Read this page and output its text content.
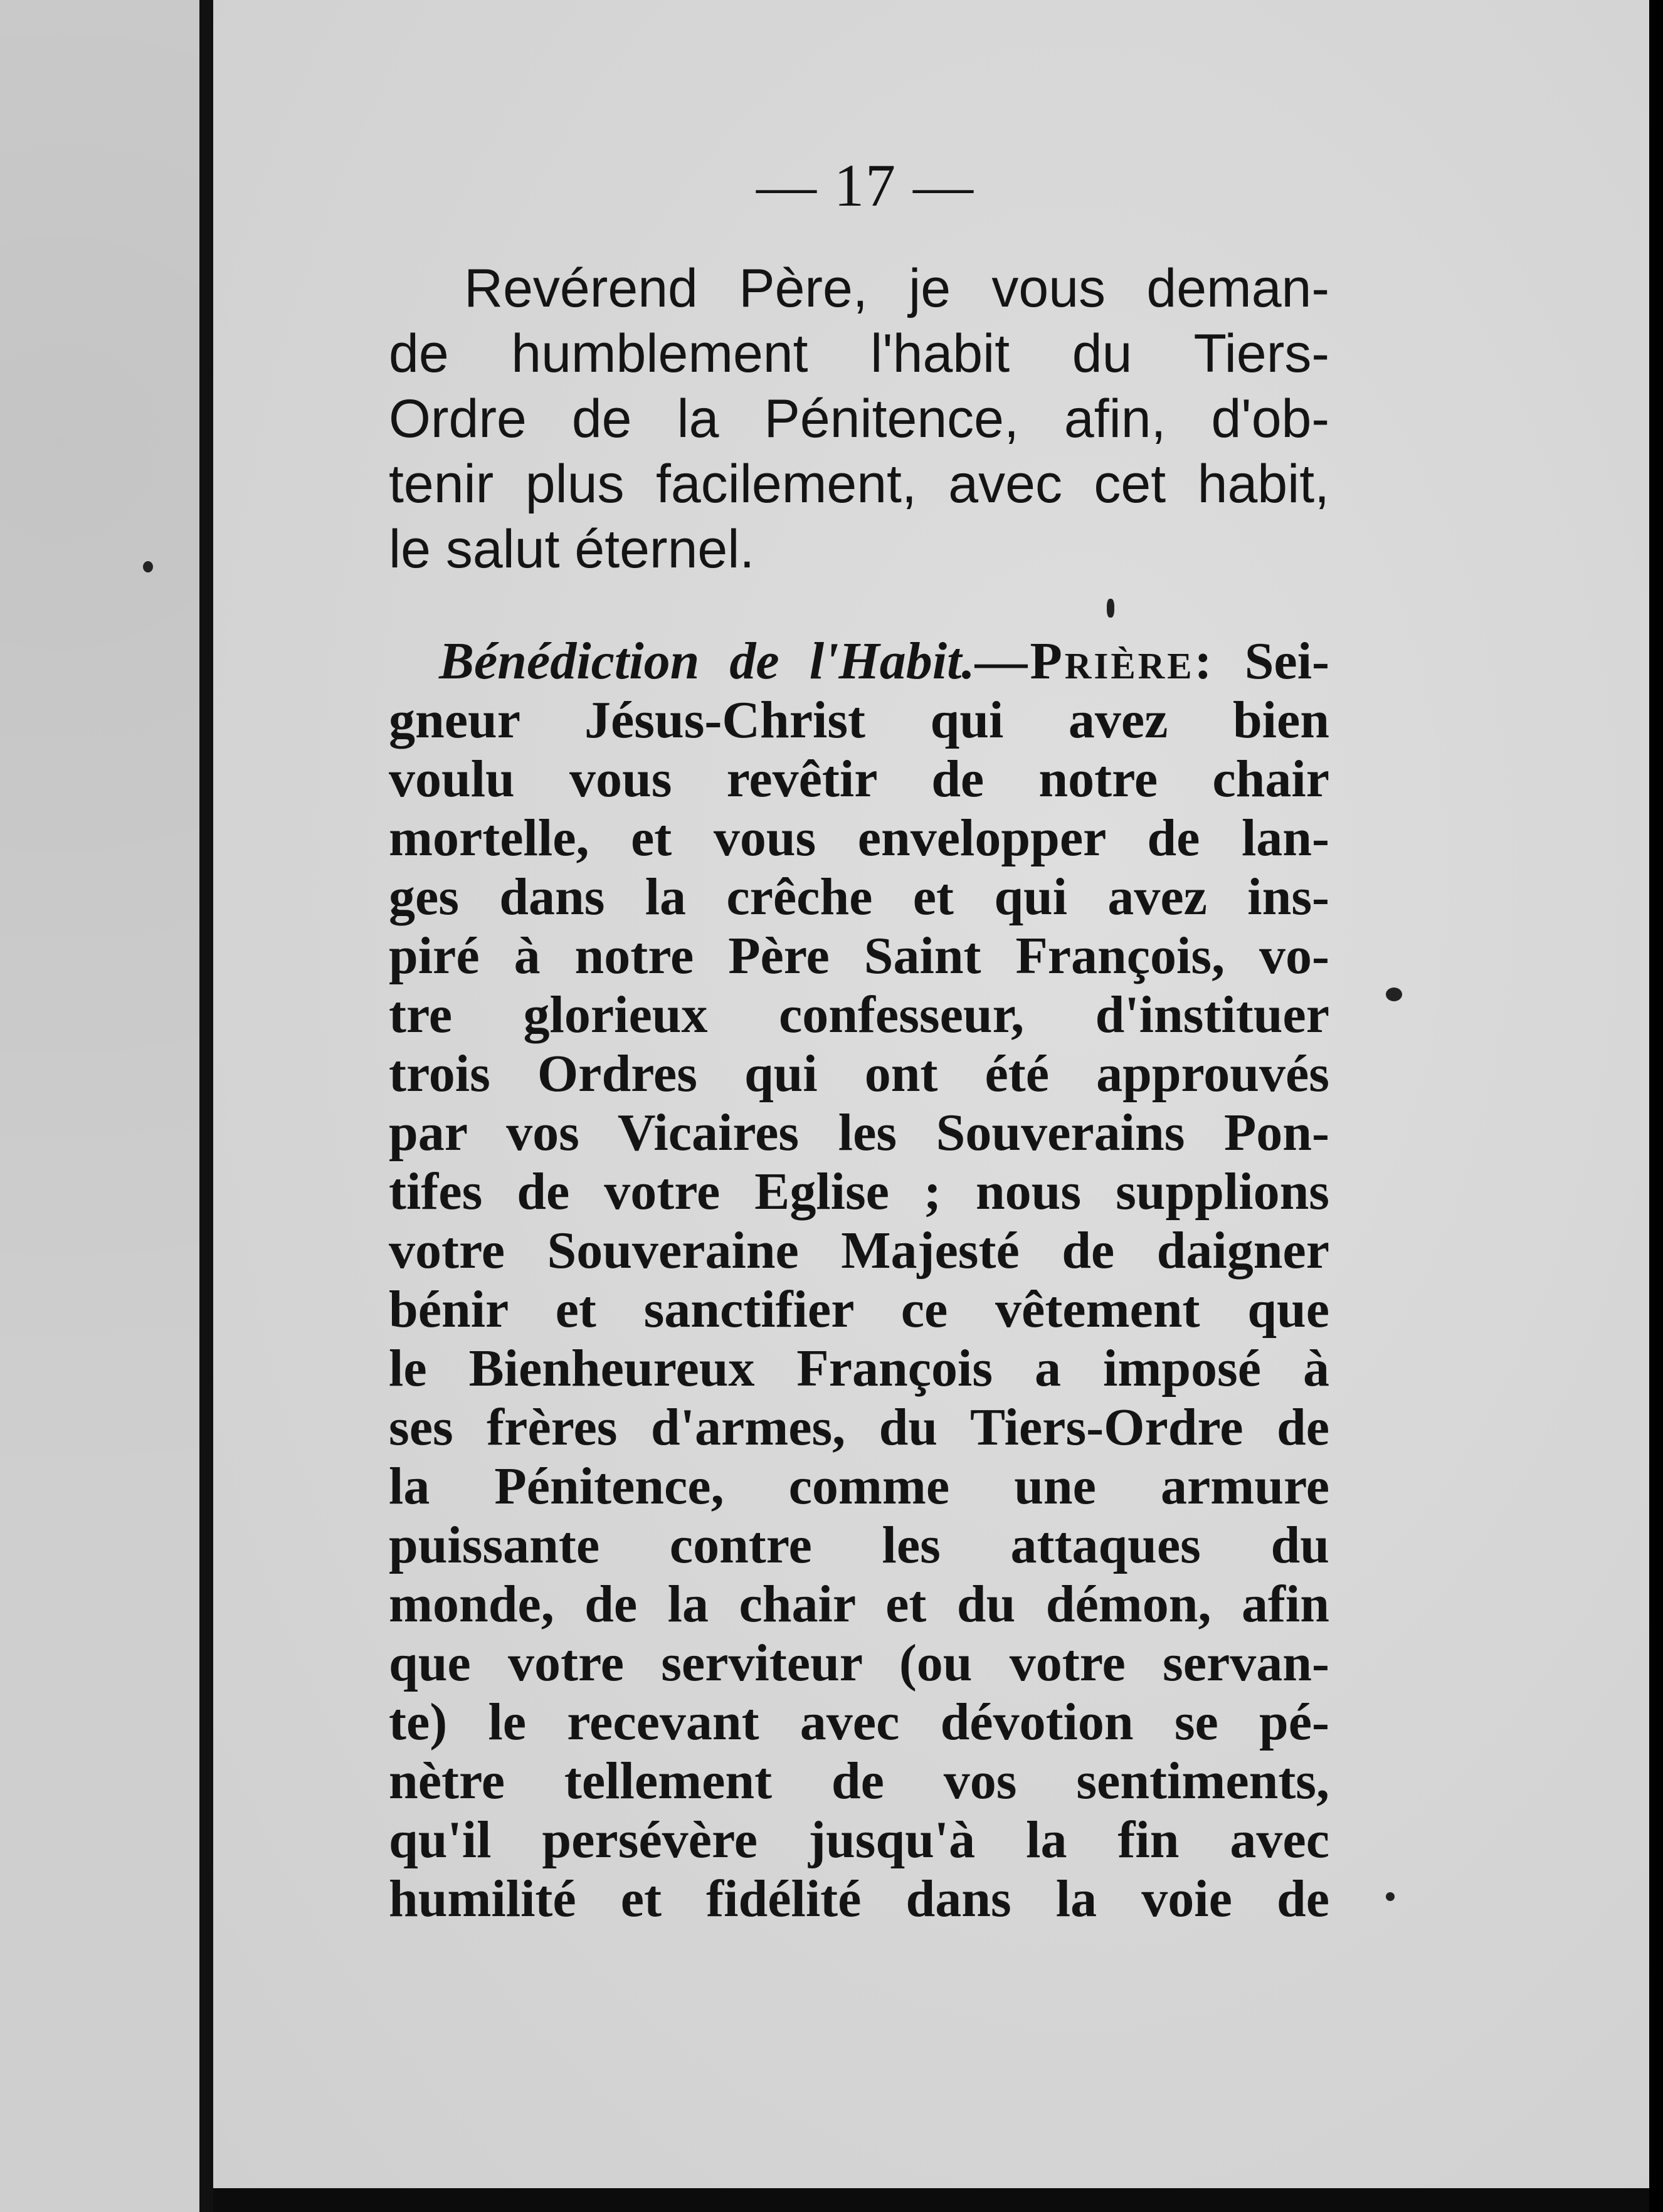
— 17 —
Revérend Père, je vous deman-
de humblement l'habit du Tiers-
Ordre de la Pénitence, afin, d'ob-
tenir plus facilement, avec cet habit,
le salut éternel.
Bénédiction de l'Habit.—Prière: Sei-
gneur Jésus-Christ qui avez bien
voulu vous revêtir de notre chair
mortelle, et vous envelopper de lan-
ges dans la crêche et qui avez ins-
piré à notre Père Saint François, vo-
tre glorieux confesseur, d'instituer
trois Ordres qui ont été approuvés
par vos Vicaires les Souverains Pon-
tifes de votre Eglise ; nous supplions
votre Souveraine Majesté de daigner
bénir et sanctifier ce vêtement que
le Bienheureux François a imposé à
ses frères d'armes, du Tiers-Ordre de
la Pénitence, comme une armure
puissante contre les attaques du
monde, de la chair et du démon, afin
que votre serviteur (ou votre servan-
te) le recevant avec dévotion se pé-
nètre tellement de vos sentiments,
qu'il persévère jusqu'à la fin avec
humilité et fidélité dans la voie de
